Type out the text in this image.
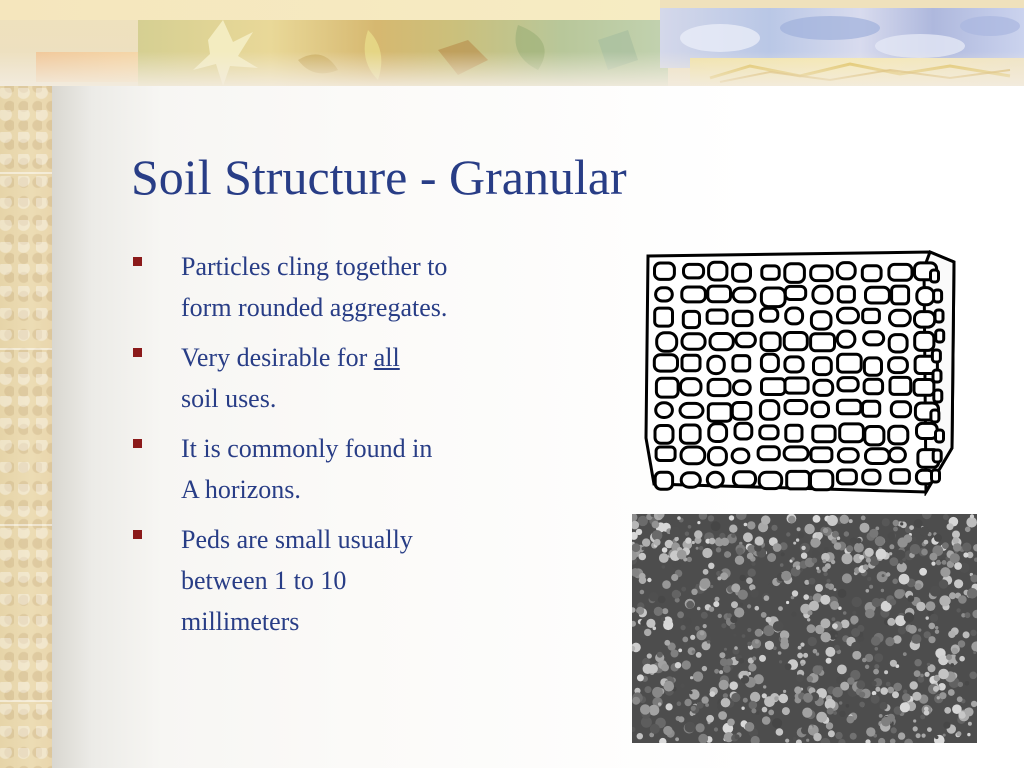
Soil Structure - Granular
Particles cling together to
form rounded aggregates.
Very desirable for all
soil uses.
It is commonly found in
A horizons.
Peds are small usually
between 1 to 10
millimeters
